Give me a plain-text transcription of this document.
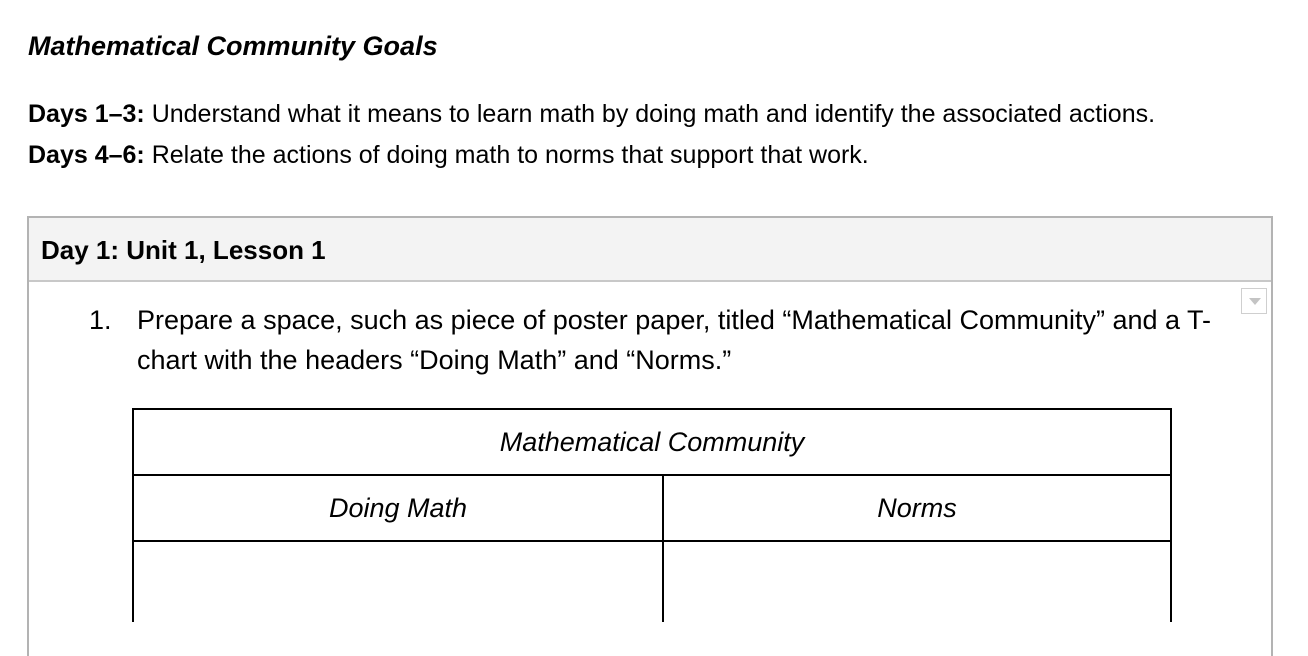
Mathematical Community Goals
Days 1–3: Understand what it means to learn math by doing math and identify the associated actions.
Days 4–6: Relate the actions of doing math to norms that support that work.
Day 1: Unit 1, Lesson 1
1. Prepare a space, such as piece of poster paper, titled “Mathematical Community” and a T-chart with the headers “Doing Math” and “Norms.”
Mathematical Community	
Doing Math	Norms
